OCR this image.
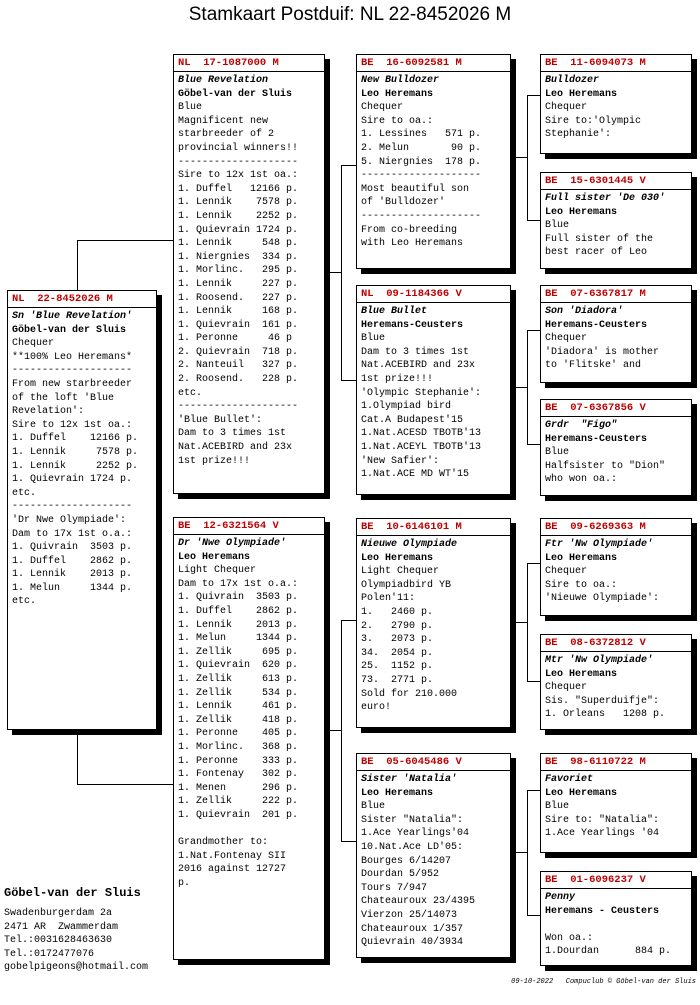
Stamkaart Postduif: NL 22-8452026 M
NL  22-8452026 M
Sn 'Blue Revelation'
Göbel-van der Sluis
Chequer
**100% Leo Heremans*
--------------------
From new starbreeder
of the loft 'Blue
Revelation':
Sire to 12x 1st oa.:
1. Duffel    12166 p.
1. Lennik     7578 p.
1. Lennik     2252 p.
1. Quievrain 1724 p.
etc.
--------------------
'Dr Nwe Olympiade':
Dam to 17x 1st o.a.:
1. Quivrain  3503 p.
1. Duffel    2862 p.
1. Lennik    2013 p.
1. Melun     1344 p.
etc.
NL  17-1087000 M
Blue Revelation
Göbel-van der Sluis
Blue
Magnificent new
starbreeder of 2
provincial winners!!
--------------------
Sire to 12x 1st oa.:
1. Duffel   12166 p.
1. Lennik    7578 p.
1. Lennik    2252 p.
1. Quievrain 1724 p.
1. Lennik     548 p.
1. Niergnies  334 p.
1. Morlinc.   295 p.
1. Lennik     227 p.
1. Roosend.   227 p.
1. Lennik     168 p.
1. Quievrain  161 p.
1. Peronne     46 p
2. Quievrain  718 p.
2. Nanteuil   327 p.
2. Roosend.   228 p.
etc.
--------------------
'Blue Bullet':
Dam to 3 times 1st
Nat.ACEBIRD and 23x
1st prize!!!
BE  12-6321564 V
Dr 'Nwe Olympiade'
Leo Heremans
Light Chequer
Dam to 17x 1st o.a.:
1. Quivrain  3503 p.
1. Duffel    2862 p.
1. Lennik    2013 p.
1. Melun     1344 p.
1. Zellik     695 p.
1. Quievrain  620 p.
1. Zellik     613 p.
1. Zellik     534 p.
1. Lennik     461 p.
1. Zellik     418 p.
1. Peronne    405 p.
1. Morlinc.   368 p.
1. Peronne    333 p.
1. Fontenay   302 p.
1. Menen      296 p.
1. Zellik     222 p.
1. Quievrain  201 p.

Grandmother to:
1.Nat.Fontenay SII
2016 against 12727
p.
BE  16-6092581 M
New Bulldozer
Leo Heremans
Chequer
Sire to oa.:
1. Lessines   571 p.
2. Melun       90 p.
5. Niergnies  178 p.
--------------------
Most beautiful son
of 'Bulldozer'
--------------------
From co-breeding
with Leo Heremans
NL  09-1184366 V
Blue Bullet
Heremans-Ceusters
Blue
Dam to 3 times 1st
Nat.ACEBIRD and 23x
1st prize!!!
'Olympic Stephanie':
1.Olympiad bird
Cat.A Budapest'15
1.Nat.ACESD TBOTB'13
1.Nat.ACEYL TBOTB'13
'New Safier':
1.Nat.ACE MD WT'15
BE  10-6146101 M
Nieuwe Olympiade
Leo Heremans
Light Chequer
Olympiadbird YB
Polen'11:
1.   2460 p.
2.   2790 p.
3.   2073 p.
34.  2054 p.
25.  1152 p.
73.  2771 p.
Sold for 210.000
euro!
BE  05-6045486 V
Sister 'Natalia'
Leo Heremans
Blue
Sister "Natalia":
1.Ace Yearlings'04
10.Nat.Ace LD'05:
Bourges 6/14207
Dourdan 5/952
Tours 7/947
Chateauroux 23/4395
Vierzon 25/14073
Chateauroux 1/357
Quievrain 40/3934
BE  11-6094073 M
Bulldozer
Leo Heremans
Chequer
Sire to:'Olympic
Stephanie':
BE  15-6301445 V
Full sister 'De 030'
Leo Heremans
Blue
Full sister of the
best racer of Leo
BE  07-6367817 M
Son 'Diadora'
Heremans-Ceusters
Chequer
'Diadora' is mother
to 'Flitske' and
BE  07-6367856 V
Grdr  "Figo"
Heremans-Ceusters
Blue
Halfsister to "Dion"
who won oa.:
BE  09-6269363 M
Ftr 'Nw Olympiade'
Leo Heremans
Chequer
Sire to oa.:
'Nieuwe Olympiade':
BE  08-6372812 V
Mtr 'Nw Olympiade'
Leo Heremans
Chequer
Sis. "Superduifje":
1. Orleans   1208 p.
BE  98-6110722 M
Favoriet
Leo Heremans
Blue
Sire to: "Natalia":
1.Ace Yearlings '04
BE  01-6096237 V
Penny
Heremans - Ceusters

Won oa.:
1.Dourdan      884 p.
Göbel-van der Sluis
Swadenburgerdam 2a
2471 AR  Zwammerdam
Tel.:0031628463630
Tel.:0172477076
gobelpigeons@hotmail.com
09-10-2022   Compuclub © Göbel-van der Sluis
